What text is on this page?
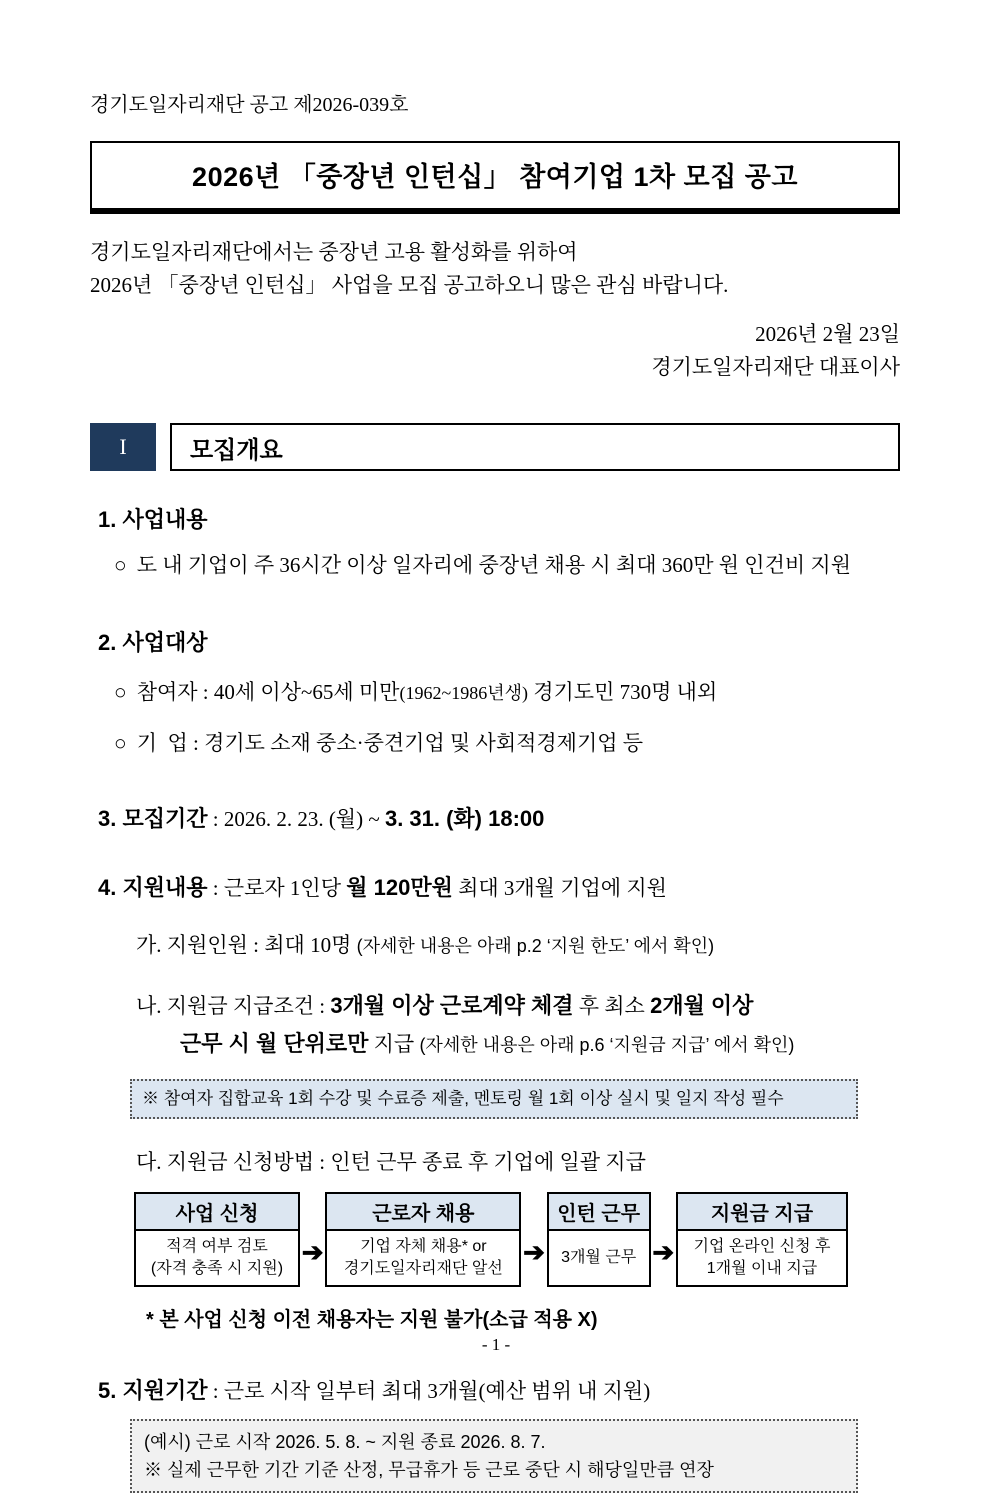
경기도일자리재단 공고 제2026-039호
2026년 「중장년 인턴십」 참여기업 1차 모집 공고
경기도일자리재단에서는 중장년 고용 활성화를 위하여
2026년 「중장년 인턴십」 사업을 모집 공고하오니 많은 관심 바랍니다.
2026년 2월 23일
경기도일자리재단 대표이사
I	모집개요
1. 사업내용
○ 도 내 기업이 주 36시간 이상 일자리에 중장년 채용 시 최대 360만 원 인건비 지원
2. 사업대상
○ 참여자 : 40세 이상~65세 미만(1962~1986년생) 경기도민 730명 내외
○ 기  업 : 경기도 소재 중소·중견기업 및 사회적경제기업 등
3. 모집기간 : 2026. 2. 23. (월) ~ 3. 31. (화) 18:00
4. 지원내용 : 근로자 1인당 월 120만원 최대 3개월 기업에 지원
가. 지원인원 : 최대 10명 (자세한 내용은 아래 p.2 ‘지원 한도’ 에서 확인)
나. 지원금 지급조건 : 3개월 이상 근로계약 체결 후 최소 2개월 이상
근무 시 월 단위로만 지급 (자세한 내용은 아래 p.6 ‘지원금 지급’ 에서 확인)
※ 참여자 집합교육 1회 수강 및 수료증 제출, 멘토링 월 1회 이상 실시 및 일지 작성 필수
다. 지원금 신청방법 : 인턴 근무 종료 후 기업에 일괄 지급
사업 신청
적격 여부 검토
(자격 충족 시 지원)
➔
근로자 채용
기업 자체 채용* or
경기도일자리재단 알선
➔
인턴 근무
3개월 근무 ➔
지원금 지급
기업 온라인 신청 후
1개월 이내 지급
* 본 사업 신청 이전 채용자는 지원 불가(소급 적용 X)
5. 지원기간 : 근로 시작 일부터 최대 3개월(예산 범위 내 지원)
(예시) 근로 시작 2026. 5. 8. ~ 지원 종료 2026. 8. 7.
※ 실제 근무한 기간 기준 산정, 무급휴가 등 근로 중단 시 해당일만큼 연장
- 1 -
